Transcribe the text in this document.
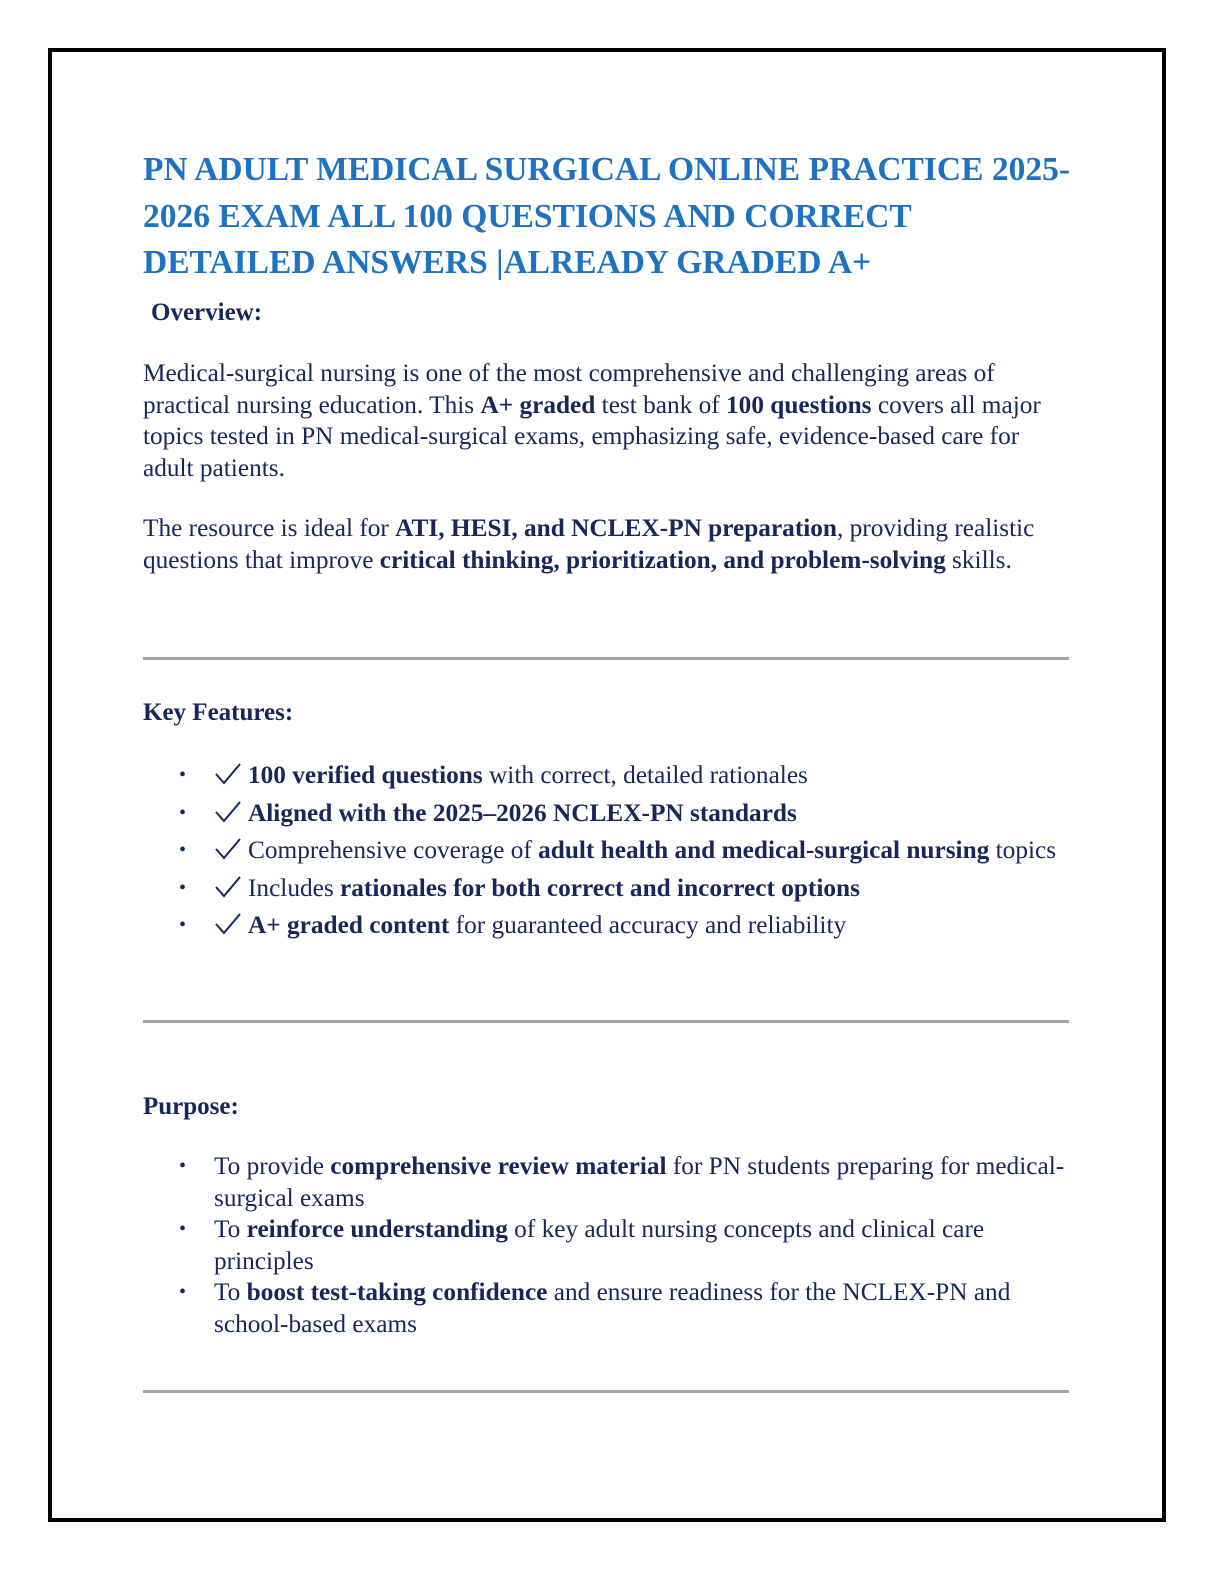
PN ADULT MEDICAL SURGICAL ONLINE PRACTICE 2025-2026 EXAM ALL 100 QUESTIONS AND CORRECT DETAILED ANSWERS |ALREADY GRADED A+
Overview:

Medical-surgical nursing is one of the most comprehensive and challenging areas of practical nursing education. This A+ graded test bank of 100 questions covers all major topics tested in PN medical-surgical exams, emphasizing safe, evidence-based care for adult patients.

The resource is ideal for ATI, HESI, and NCLEX-PN preparation, providing realistic questions that improve critical thinking, prioritization, and problem-solving skills.

Key Features:
• 100 verified questions with correct, detailed rationales
• Aligned with the 2025–2026 NCLEX-PN standards
• Comprehensive coverage of adult health and medical-surgical nursing topics
• Includes rationales for both correct and incorrect options
• A+ graded content for guaranteed accuracy and reliability
Purpose:
• To provide comprehensive review material for PN students preparing for medical-surgical exams
• To reinforce understanding of key adult nursing concepts and clinical care principles
• To boost test-taking confidence and ensure readiness for the NCLEX-PN and school-based exams
